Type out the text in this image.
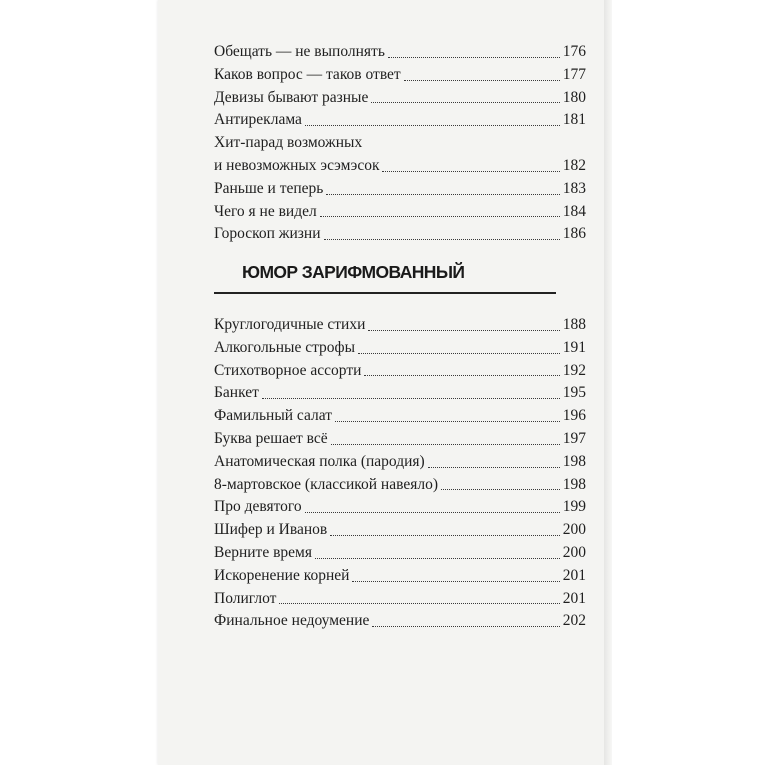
Обещать — не выполнять	176
Каков вопрос — таков ответ	177
Девизы бывают разные	180
Антиреклама	181
Хит-парад возможных
и невозможных эсэмэсок	182
Раньше и теперь	183
Чего я не видел	184
Гороскоп жизни	186
ЮМОР ЗАРИФМОВАННЫЙ
Круглогодичные стихи	188
Алкогольные строфы	191
Стихотворное ассорти	192
Банкет	195
Фамильный салат	196
Буква решает всё	197
Анатомическая полка (пародия)	198
8-мартовское (классикой навеяло)	198
Про девятого	199
Шифер и Иванов	200
Верните время	200
Искоренение корней	201
Полиглот	201
Финальное недоумение	202
